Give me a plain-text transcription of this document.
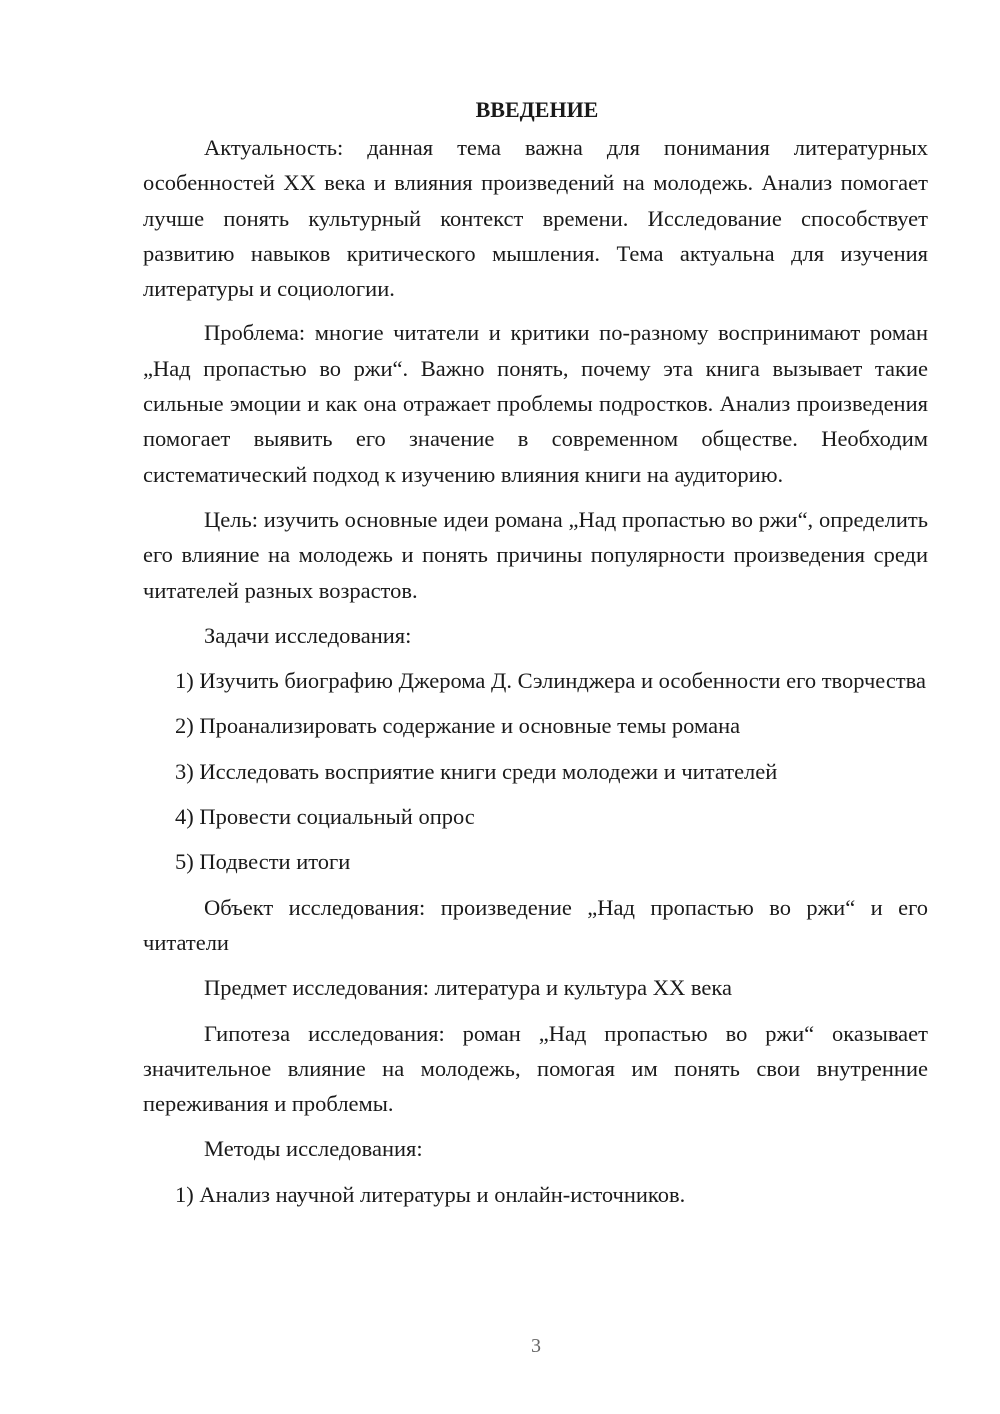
ВВЕДЕНИЕ

Актуальность: данная тема важна для понимания литературных особенностей XX века и влияния произведений на молодежь. Анализ помогает лучше понять культурный контекст времени. Исследование способствует развитию навыков критического мышления. Тема актуальна для изучения литературы и социологии.

Проблема: многие читатели и критики по-разному воспринимают роман „Над пропастью во ржи“. Важно понять, почему эта книга вызывает такие сильные эмоции и как она отражает проблемы подростков. Анализ произведения помогает выявить его значение в современном обществе. Необходим систематический подход к изучению влияния книги на аудиторию.

Цель: изучить основные идеи романа „Над пропастью во ржи“, определить его влияние на молодежь и понять причины популярности произведения среди читателей разных возрастов.

Задачи исследования:

1) Изучить биографию Джерома Д. Сэлинджера и особенности его творчества

2) Проанализировать содержание и основные темы романа

3) Исследовать восприятие книги среди молодежи и читателей

4) Провести социальный опрос

5) Подвести итоги

Объект исследования: произведение „Над пропастью во ржи“ и его читатели

Предмет исследования: литература и культура XX века

Гипотеза исследования: роман „Над пропастью во ржи“ оказывает значительное влияние на молодежь, помогая им понять свои внутренние переживания и проблемы.

Методы исследования:

1) Анализ научной литературы и онлайн-источников.

3
